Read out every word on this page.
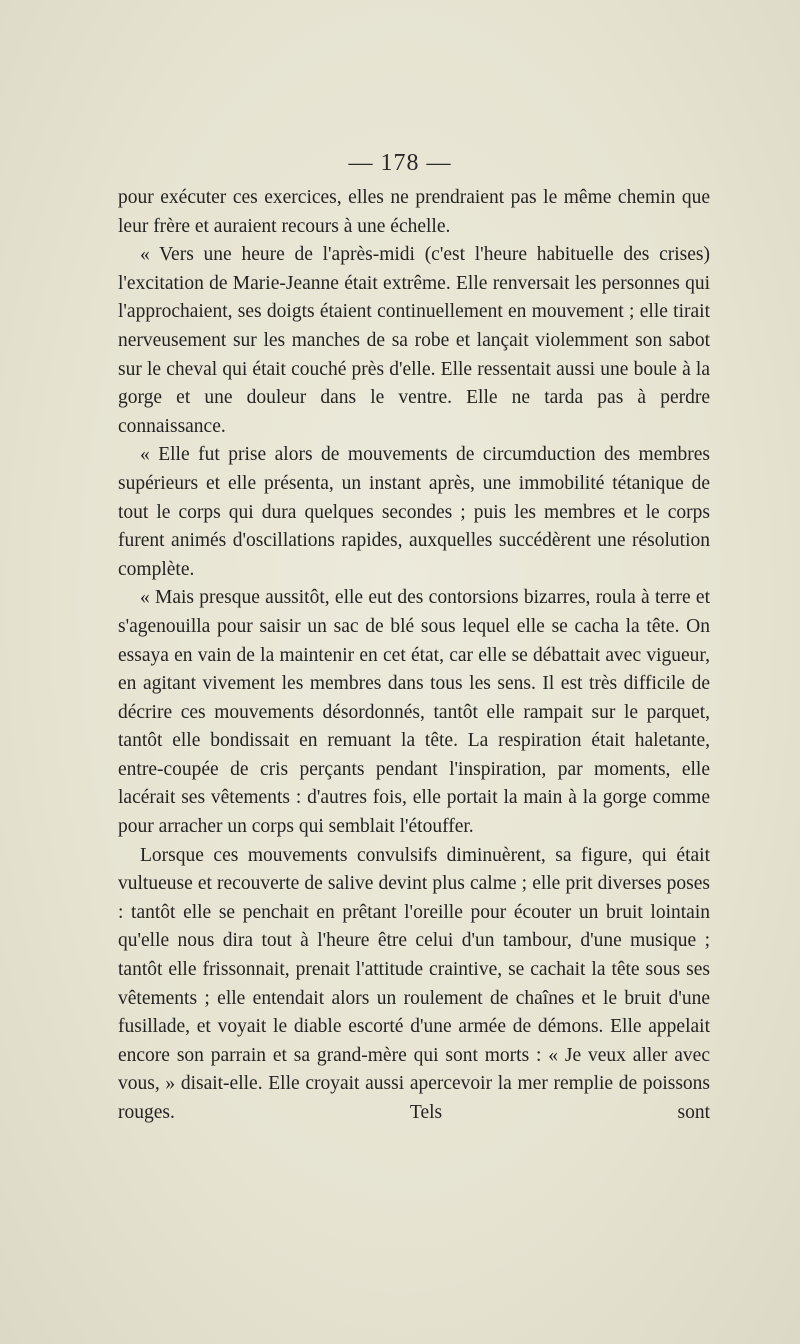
— 178 —

pour exécuter ces exercices, elles ne prendraient pas le même chemin que leur frère et auraient recours à une échelle.

« Vers une heure de l'après-midi (c'est l'heure habituelle des crises) l'excitation de Marie-Jeanne était extrême. Elle renversait les personnes qui l'approchaient, ses doigts étaient continuellement en mouvement ; elle tirait nerveusement sur les manches de sa robe et lançait violemment son sabot sur le cheval qui était couché près d'elle. Elle ressentait aussi une boule à la gorge et une douleur dans le ventre. Elle ne tarda pas à perdre connaissance.

« Elle fut prise alors de mouvements de circumduction des membres supérieurs et elle présenta, un instant après, une immobilité tétanique de tout le corps qui dura quelques secondes ; puis les membres et le corps furent animés d'oscillations rapides, auxquelles succédèrent une résolution complète.

« Mais presque aussitôt, elle eut des contorsions bizarres, roula à terre et s'agenouilla pour saisir un sac de blé sous lequel elle se cacha la tête. On essaya en vain de la maintenir en cet état, car elle se débattait avec vigueur, en agitant vivement les membres dans tous les sens. Il est très difficile de décrire ces mouvements désordonnés, tantôt elle rampait sur le parquet, tantôt elle bondissait en remuant la tête. La respiration était haletante, entre-coupée de cris perçants pendant l'inspiration, par moments, elle lacérait ses vêtements : d'autres fois, elle portait la main à la gorge comme pour arracher un corps qui semblait l'étouffer.

Lorsque ces mouvements convulsifs diminuèrent, sa figure, qui était vultueuse et recouverte de salive devint plus calme ; elle prit diverses poses : tantôt elle se penchait en prêtant l'oreille pour écouter un bruit lointain qu'elle nous dira tout à l'heure être celui d'un tambour, d'une musique ; tantôt elle frissonnait, prenait l'attitude craintive, se cachait la tête sous ses vêtements ; elle entendait alors un roulement de chaînes et le bruit d'une fusillade, et voyait le diable escorté d'une armée de démons. Elle appelait encore son parrain et sa grand-mère qui sont morts : « Je veux aller avec vous, » disait-elle. Elle croyait aussi apercevoir la mer remplie de poissons rouges. Tels sont
